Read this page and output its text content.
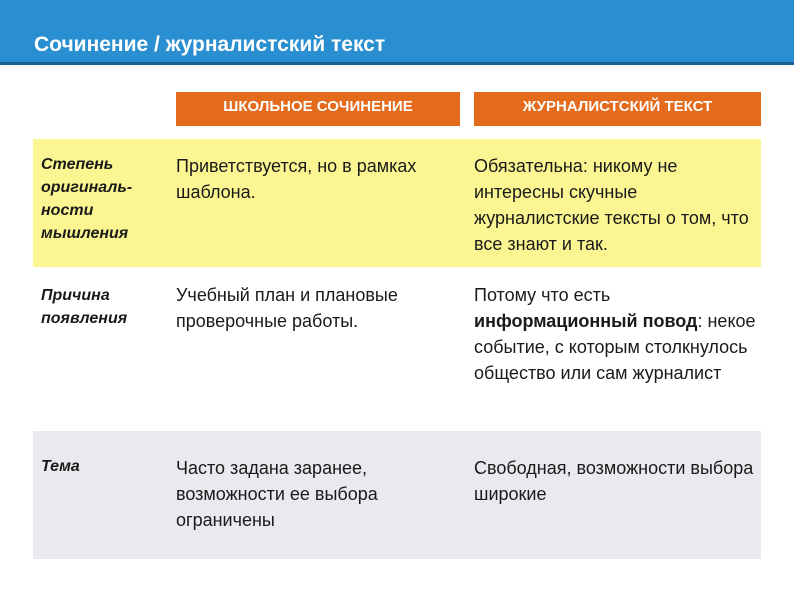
Сочинение / журналистский текст
ШКОЛЬНОЕ СОЧИНЕНИЕ	ЖУРНАЛИСТСКИЙ ТЕКСТ
Степень оригиналь-ности мышления
Приветствуется, но в рамках шаблона.
Обязательна: никому не интересны скучные журналистские тексты о том, что все знают и так.
Причина появления
Учебный план и плановые проверочные работы.
Потому что есть информационный повод: некое событие, с которым столкнулось общество или сам журналист
Тема	Часто задана заранее, возможности ее выбора ограничены
Свободная, возможности выбора широкие
